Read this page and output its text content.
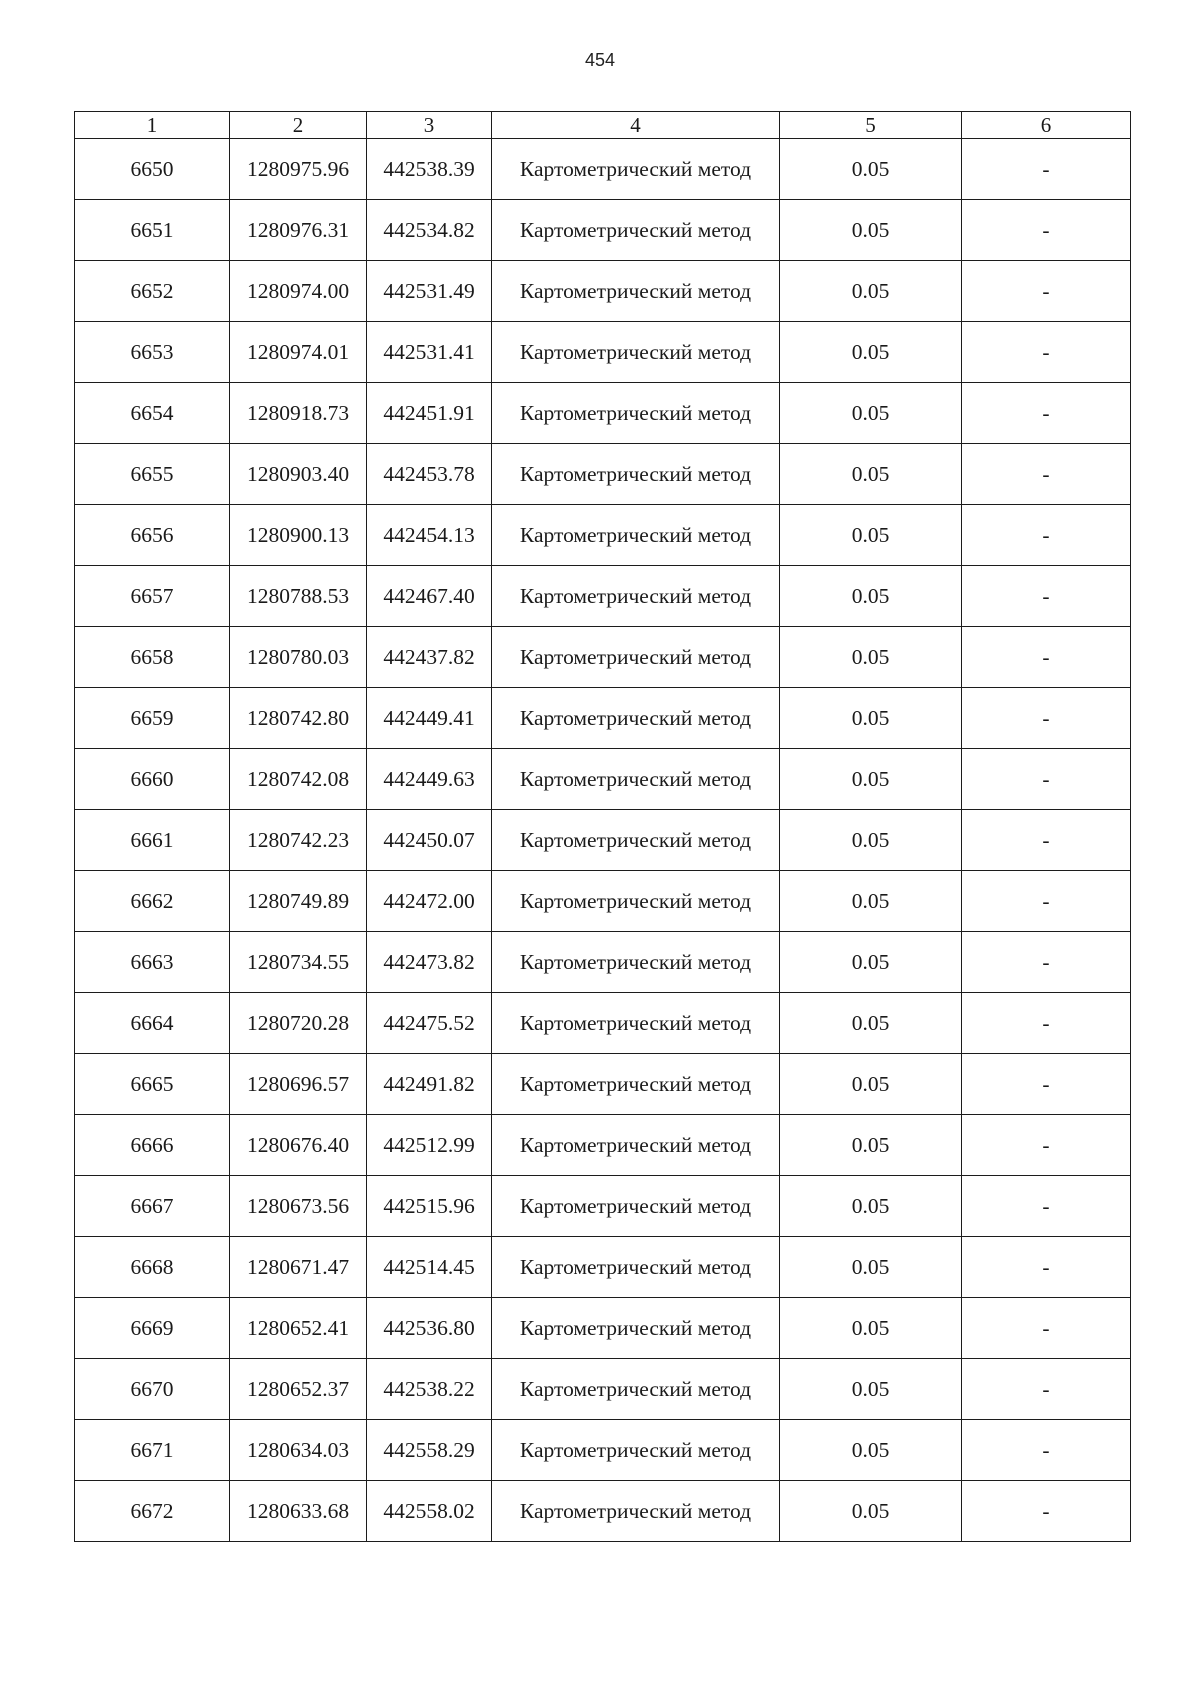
454
1	2	3	4	5	6
6650	1280975.96	442538.39	Картометрический метод	0.05	-
6651	1280976.31	442534.82	Картометрический метод	0.05	-
6652	1280974.00	442531.49	Картометрический метод	0.05	-
6653	1280974.01	442531.41	Картометрический метод	0.05	-
6654	1280918.73	442451.91	Картометрический метод	0.05	-
6655	1280903.40	442453.78	Картометрический метод	0.05	-
6656	1280900.13	442454.13	Картометрический метод	0.05	-
6657	1280788.53	442467.40	Картометрический метод	0.05	-
6658	1280780.03	442437.82	Картометрический метод	0.05	-
6659	1280742.80	442449.41	Картометрический метод	0.05	-
6660	1280742.08	442449.63	Картометрический метод	0.05	-
6661	1280742.23	442450.07	Картометрический метод	0.05	-
6662	1280749.89	442472.00	Картометрический метод	0.05	-
6663	1280734.55	442473.82	Картометрический метод	0.05	-
6664	1280720.28	442475.52	Картометрический метод	0.05	-
6665	1280696.57	442491.82	Картометрический метод	0.05	-
6666	1280676.40	442512.99	Картометрический метод	0.05	-
6667	1280673.56	442515.96	Картометрический метод	0.05	-
6668	1280671.47	442514.45	Картометрический метод	0.05	-
6669	1280652.41	442536.80	Картометрический метод	0.05	-
6670	1280652.37	442538.22	Картометрический метод	0.05	-
6671	1280634.03	442558.29	Картометрический метод	0.05	-
6672	1280633.68	442558.02	Картометрический метод	0.05	-
